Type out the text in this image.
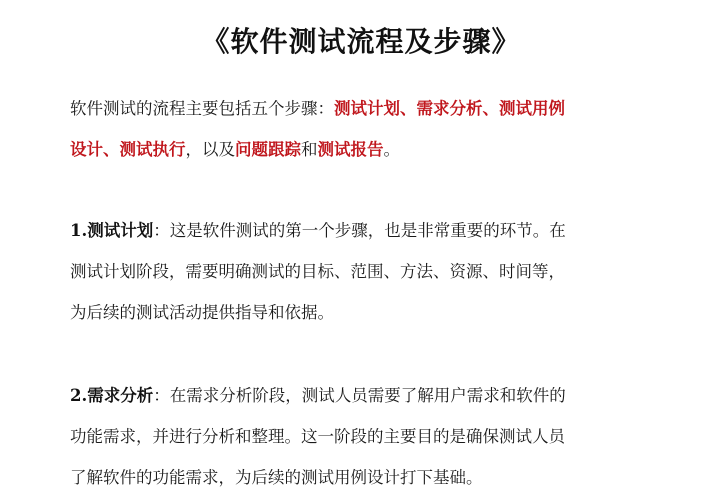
《软件测试流程及步骤》
软件测试的流程主要包括五个步骤：测试计划、需求分析、测试用例
设计、测试执行，以及问题跟踪和测试报告。
1.测试计划：这是软件测试的第一个步骤，也是非常重要的环节。在
测试计划阶段，需要明确测试的目标、范围、方法、资源、时间等，
为后续的测试活动提供指导和依据。
2.需求分析：在需求分析阶段，测试人员需要了解用户需求和软件的
功能需求，并进行分析和整理。这一阶段的主要目的是确保测试人员
了解软件的功能需求，为后续的测试用例设计打下基础。
